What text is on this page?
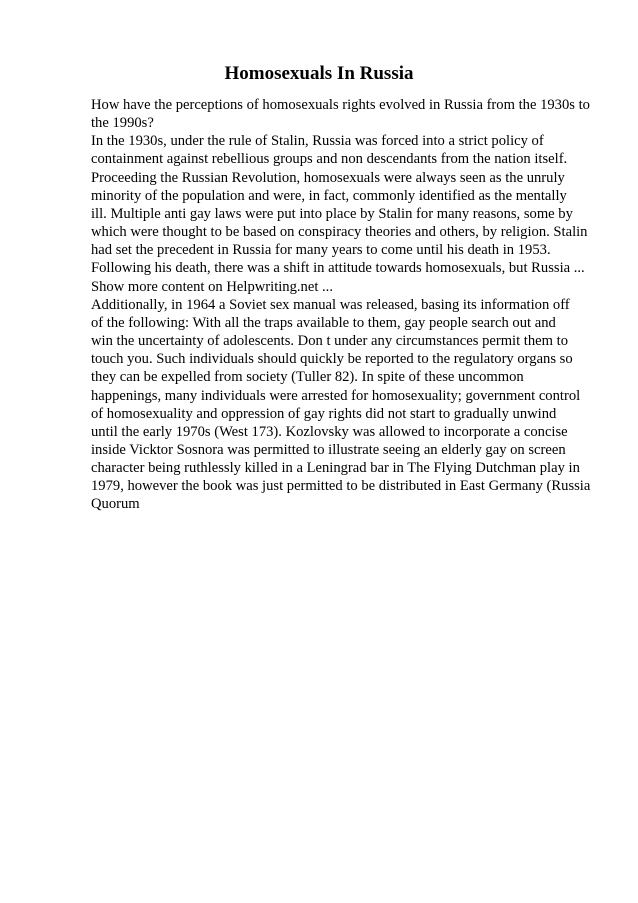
Homosexuals In Russia
How have the perceptions of homosexuals rights evolved in Russia from the 1930s to
the 1990s?
In the 1930s, under the rule of Stalin, Russia was forced into a strict policy of
containment against rebellious groups and non descendants from the nation itself.
Proceeding the Russian Revolution, homosexuals were always seen as the unruly
minority of the population and were, in fact, commonly identified as the mentally
ill. Multiple anti gay laws were put into place by Stalin for many reasons, some by
which were thought to be based on conspiracy theories and others, by religion. Stalin
had set the precedent in Russia for many years to come until his death in 1953.
Following his death, there was a shift in attitude towards homosexuals, but Russia ...
Show more content on Helpwriting.net ...
Additionally, in 1964 a Soviet sex manual was released, basing its information off
of the following: With all the traps available to them, gay people search out and
win the uncertainty of adolescents. Don t under any circumstances permit them to
touch you. Such individuals should quickly be reported to the regulatory organs so
they can be expelled from society (Tuller 82). In spite of these uncommon
happenings, many individuals were arrested for homosexuality; government control
of homosexuality and oppression of gay rights did not start to gradually unwind
until the early 1970s (West 173). Kozlovsky was allowed to incorporate a concise
inside Vicktor Sosnora was permitted to illustrate seeing an elderly gay on screen
character being ruthlessly killed in a Leningrad bar in The Flying Dutchman play in
1979, however the book was just permitted to be distributed in East Germany (Russia
Quorum
